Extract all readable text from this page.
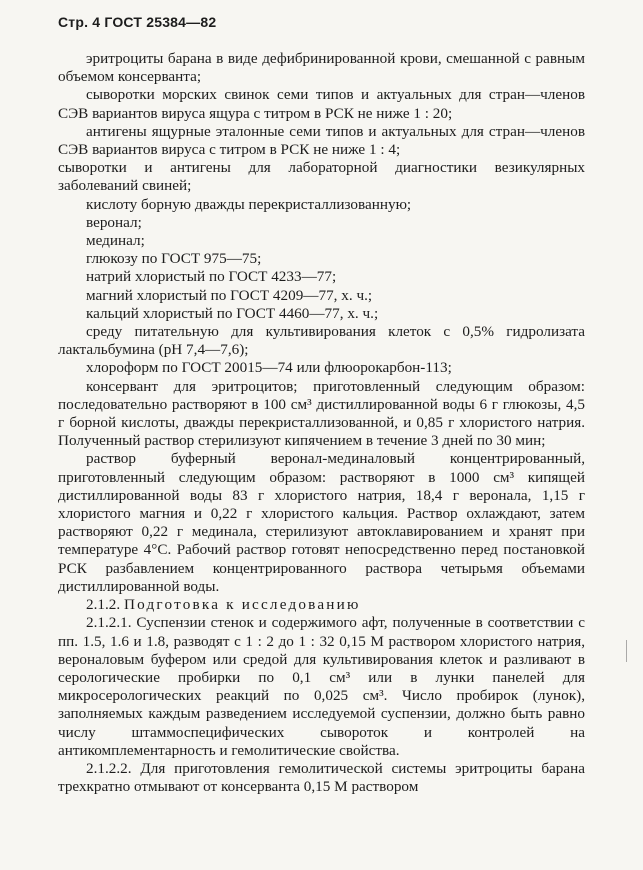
Стр. 4 ГОСТ 25384—82

эритроциты барана в виде дефибринированной крови, смешанной с равным объемом консерванта;

сыворотки морских свинок семи типов и актуальных для стран—членов СЭВ вариантов вируса ящура с титром в РСК не ниже 1 : 20;

антигены ящурные эталонные семи типов и актуальных для стран—членов СЭВ вариантов вируса с титром в РСК не ниже 1 : 4;

сыворотки и антигены для лабораторной диагностики везикулярных заболеваний свиней;

кислоту борную дважды перекристаллизованную;

веронал;

мединал;

глюкозу по ГОСТ 975—75;

натрий хлористый по ГОСТ 4233—77;

магний хлористый по ГОСТ 4209—77, х. ч.;

кальций хлористый по ГОСТ 4460—77, х. ч.;

среду питательную для культивирования клеток с 0,5% гидролизата лактальбумина (рН 7,4—7,6);

хлороформ по ГОСТ 20015—74 или флюорокарбон-113;

консервант для эритроцитов; приготовленный следующим образом: последовательно растворяют в 100 см³ дистиллированной воды 6 г глюкозы, 4,5 г борной кислоты, дважды перекристаллизованной, и 0,85 г хлористого натрия. Полученный раствор стерилизуют кипячением в течение 3 дней по 30 мин;

раствор буферный веронал-мединаловый концентрированный, приготовленный следующим образом: растворяют в 1000 см³ кипящей дистиллированной воды 83 г хлористого натрия, 18,4 г веронала, 1,15 г хлористого магния и 0,22 г хлористого кальция. Раствор охлаждают, затем растворяют 0,22 г мединала, стерилизуют автоклавированием и хранят при температуре 4°С. Рабочий раствор готовят непосредственно перед постановкой РСК разбавлением концентрированного раствора четырьмя объемами дистиллированной воды.

2.1.2. Подготовка к исследованию

2.1.2.1. Суспензии стенок и содержимого афт, полученные в соответствии с пп. 1.5, 1.6 и 1.8, разводят с 1 : 2 до 1 : 32 0,15 М раствором хлористого натрия, вероналовым буфером или средой для культивирования клеток и разливают в серологические пробирки по 0,1 см³ или в лунки панелей для микросерологических реакций по 0,025 см³. Число пробирок (лунок), заполняемых каждым разведением исследуемой суспензии, должно быть равно числу штаммоспецифических сывороток и контролей на антикомплементарность и гемолитические свойства.

2.1.2.2. Для приготовления гемолитической системы эритроциты барана трехкратно отмывают от консерванта 0,15 М раствором
